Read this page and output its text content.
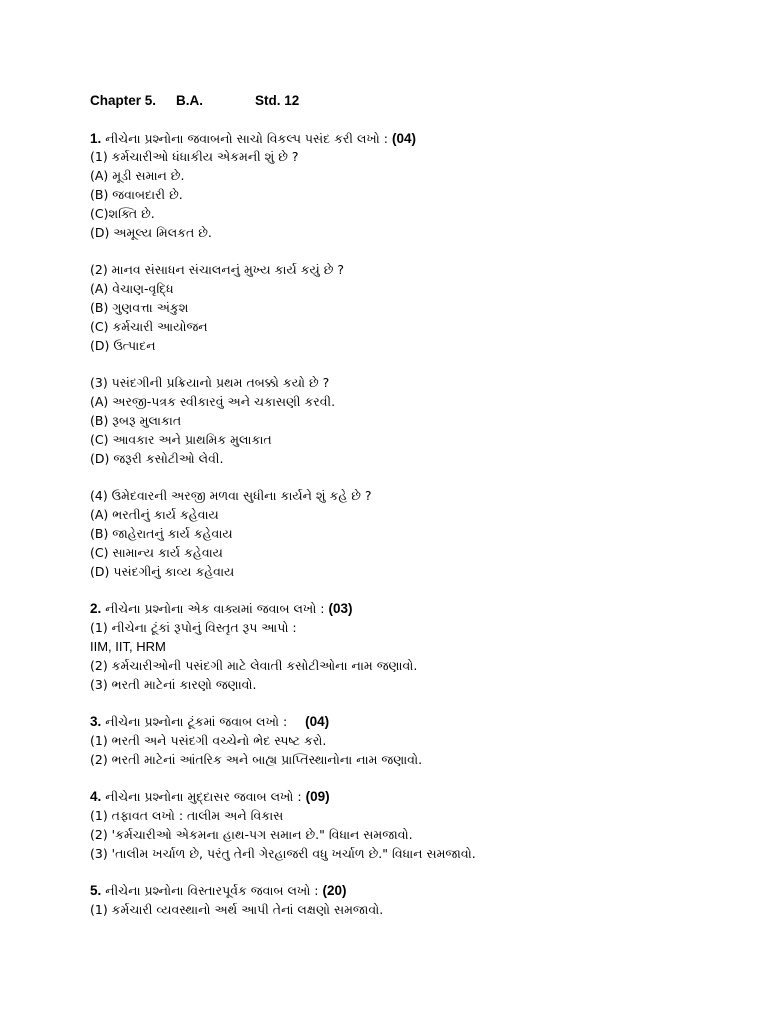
Chapter 5. B.A.	Std. 12
1. નીચેના પ્રશ્નોના જવાબનો સાચો વિકલ્પ પસંદ કરી લખો : (04)
(1) કર્મચારીઓ ધંધાકીય એકમની શું છે ?
(A) મૂડી સમાન છે.
(B) જવાબદારી છે.
(C)શક્તિ છે.
(D) અમૂલ્ય મિલકત છે.
(2) માનવ સંસાધન સંચાલનનું મુખ્ય કાર્ય કયું છે ?
(A) વેચાણ-વૃદ્ધિ
(B) ગુણવત્તા અંકુશ
(C) કર્મચારી આયોજન
(D) ઉત્પાદન
(3) પસંદગીની પ્રક્રિયાનો પ્રથમ તબક્કો કયો છે ?
(A) અરજી-પત્રક સ્વીકારવું અને ચકાસણી કરવી.
(B) રૂબરૂ મુલાકાત
(C) આવકાર અને પ્રાથમિક મુલાકાત
(D) જરૂરી કસોટીઓ લેવી.
(4) ઉમેદવારની અરજી મળવા સુધીના કાર્યને શું કહે છે ?
(A) ભરતીનું કાર્ય કહેવાય
(B) જાહેરાતનું કાર્ય કહેવાય
(C) સામાન્ય કાર્ય કહેવાય
(D) પસંદગીનું કાવ્ય કહેવાય
2. નીચેના પ્રશ્નોના એક વાક્યમાં જવાબ લખો : (03)
(1) નીચેના ટૂંકાં રૂપોનું વિસ્તૃત રૂપ આપો :
IIM, IIT, HRM
(2) કર્મચારીઓની પસંદગી માટે લેવાતી કસોટીઓના નામ જણાવો.
(3) ભરતી માટેનાં કારણો જણાવો.
3. નીચેના પ્રશ્નોના ટૂંકમાં જવાબ લખો : (04)
(1) ભરતી અને પસંદગી વચ્ચેનો ભેદ સ્પષ્ટ કરો.
(2) ભરતી માટેનાં આંતરિક અને બાહ્ય પ્રાપ્તિસ્થાનોના નામ જણાવો.
4. નીચેના પ્રશ્નોના મુદ્દાસર જવાબ લખો : (09)
(1) તફાવત લખો : તાલીમ અને વિકાસ
(2) 'કર્મચારીઓ એકમના હાથ-પગ સમાન છે." વિધાન સમજાવો.
(3) 'તાલીમ ખર્ચાળ છે, પરંતુ તેની ગેરહાજરી વધુ ખર્ચાળ છે." વિધાન સમજાવો.
5. નીચેના પ્રશ્નોના વિસ્તારપૂર્વક જવાબ લખો : (20)
(1) કર્મચારી વ્યવસ્થાનો અર્થ આપી તેનાં લક્ષણો સમજાવો.
